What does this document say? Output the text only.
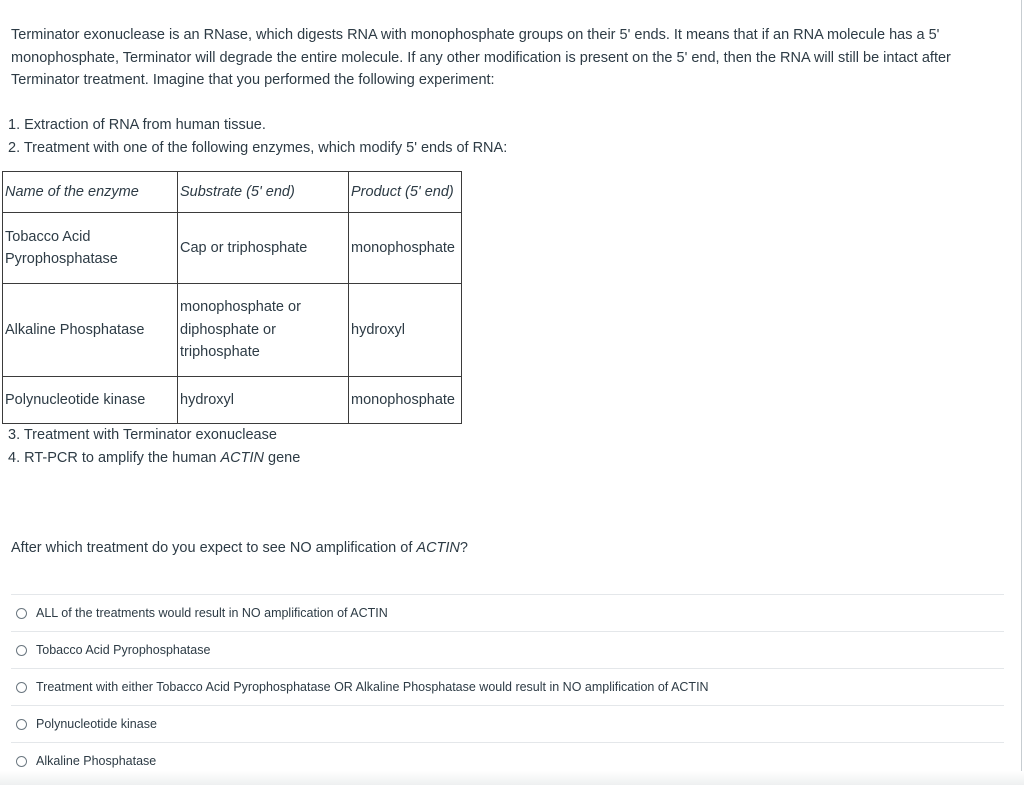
Terminator exonuclease is an RNase, which digests RNA with monophosphate groups on their 5' ends. It means that if an RNA molecule has a 5' monophosphate, Terminator will degrade the entire molecule. If any other modification is present on the 5' end, then the RNA will still be intact after Terminator treatment. Imagine that you performed the following experiment:

1. Extraction of RNA from human tissue.
2. Treatment with one of the following enzymes, which modify 5' ends of RNA:
Name of the enzyme	Substrate (5' end)	Product (5' end)
Tobacco Acid Pyrophosphatase	Cap or triphosphate	monophosphate
Alkaline Phosphatase	monophosphate or diphosphate or triphosphate	hydroxyl
Polynucleotide kinase	hydroxyl	monophosphate
3. Treatment with Terminator exonuclease
4. RT-PCR to amplify the human ACTIN gene

After which treatment do you expect to see NO amplification of ACTIN?

ALL of the treatments would result in NO amplification of ACTIN
Tobacco Acid Pyrophosphatase
Treatment with either Tobacco Acid Pyrophosphatase OR Alkaline Phosphatase would result in NO amplification of ACTIN
Polynucleotide kinase
Alkaline Phosphatase
